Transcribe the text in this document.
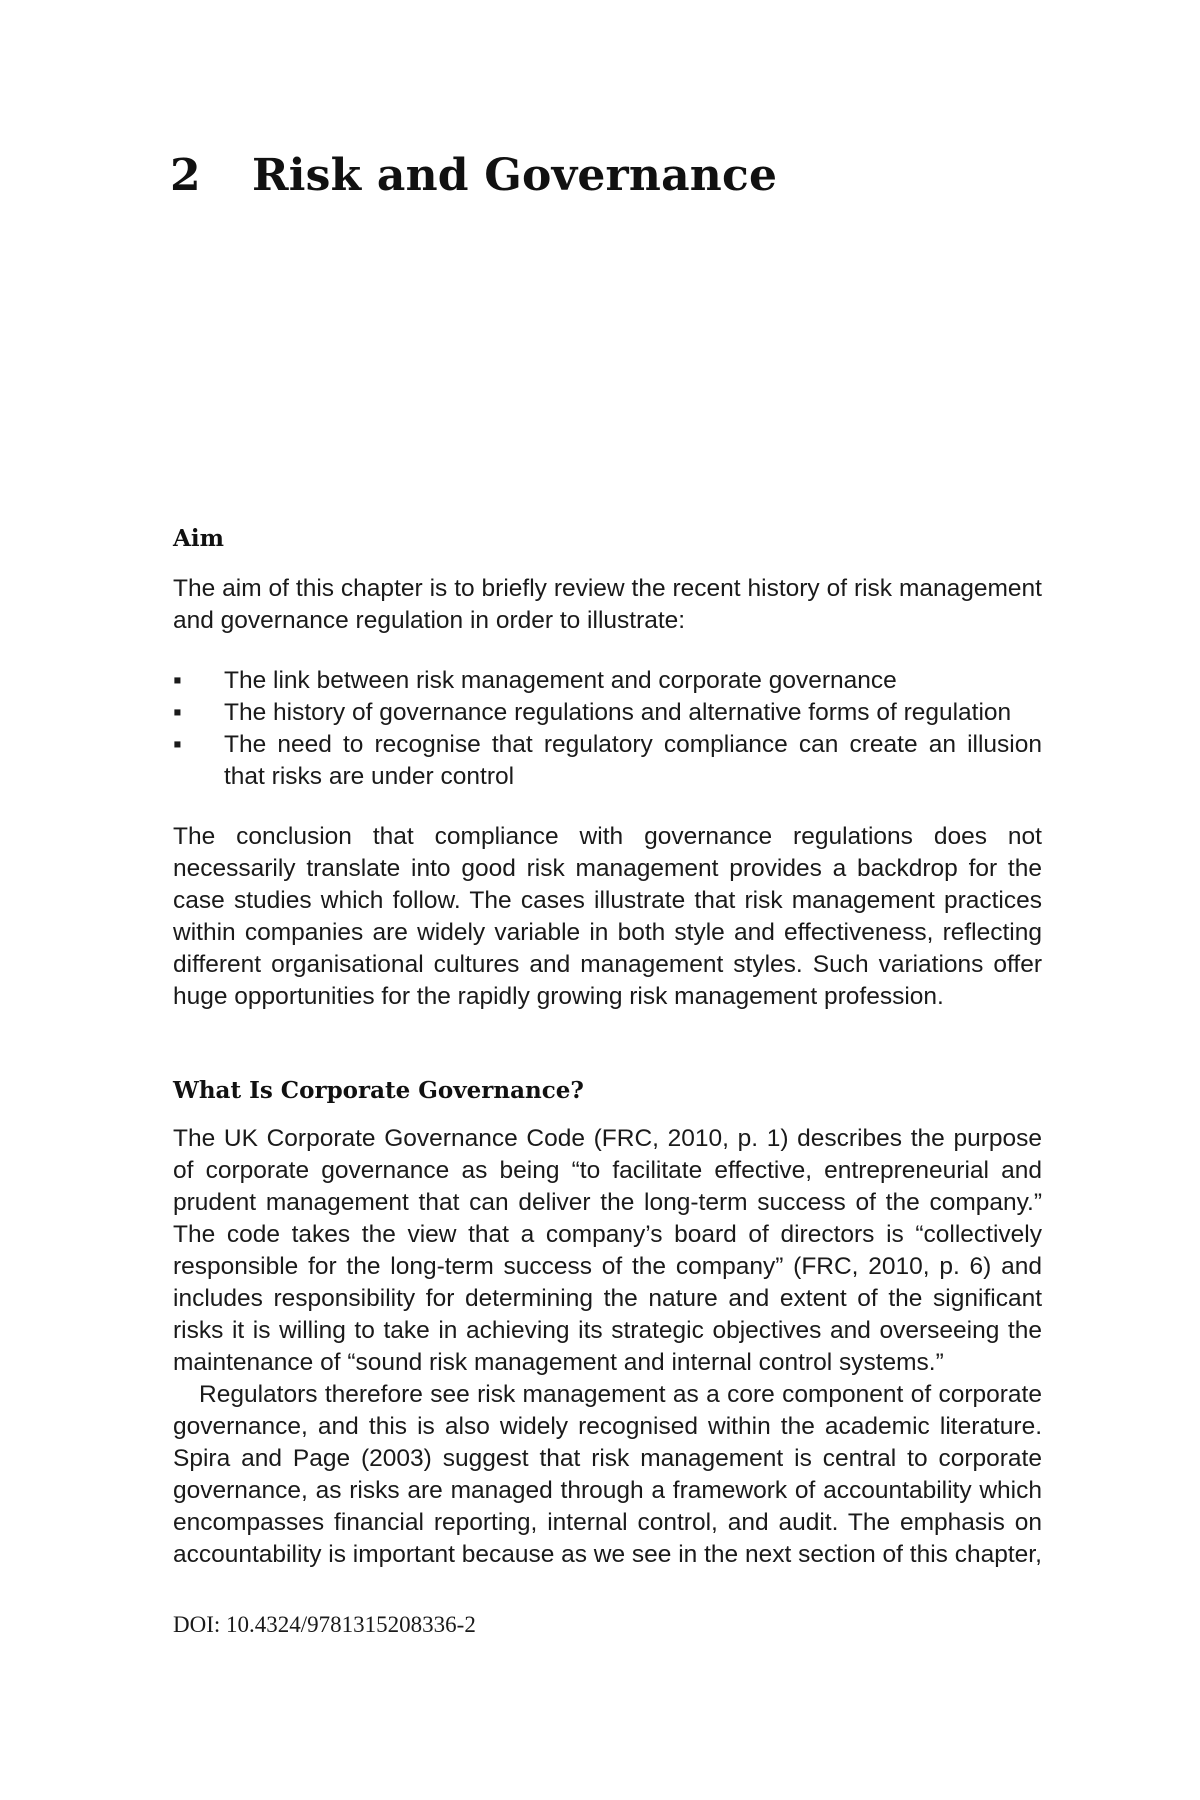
2 Risk and Governance
Aim

The aim of this chapter is to briefly review the recent history of risk management and governance regulation in order to illustrate:

▪ The link between risk management and corporate governance
▪ The history of governance regulations and alternative forms of regulation
▪ The need to recognise that regulatory compliance can create an illusion that risks are under control

The conclusion that compliance with governance regulations does not necessarily translate into good risk management provides a backdrop for the case studies which follow. The cases illustrate that risk management practices within companies are widely variable in both style and effectiveness, reflecting different organisational cultures and management styles. Such variations offer huge opportunities for the rapidly growing risk management profession.

What Is Corporate Governance?

The UK Corporate Governance Code (FRC, 2010, p. 1) describes the purpose of corporate governance as being “to facilitate effective, entrepreneurial and prudent management that can deliver the long-term success of the company.” The code takes the view that a company’s board of directors is “collectively responsible for the long-term success of the company” (FRC, 2010, p. 6) and includes responsibility for determining the nature and extent of the significant risks it is willing to take in achieving its strategic objectives and overseeing the maintenance of “sound risk management and internal control systems.”

Regulators therefore see risk management as a core component of corporate governance, and this is also widely recognised within the academic literature. Spira and Page (2003) suggest that risk management is central to corporate governance, as risks are managed through a framework of accountability which encompasses financial reporting, internal control, and audit. The emphasis on accountability is important because as we see in the next section of this chapter,

DOI: 10.4324/9781315208336-2
